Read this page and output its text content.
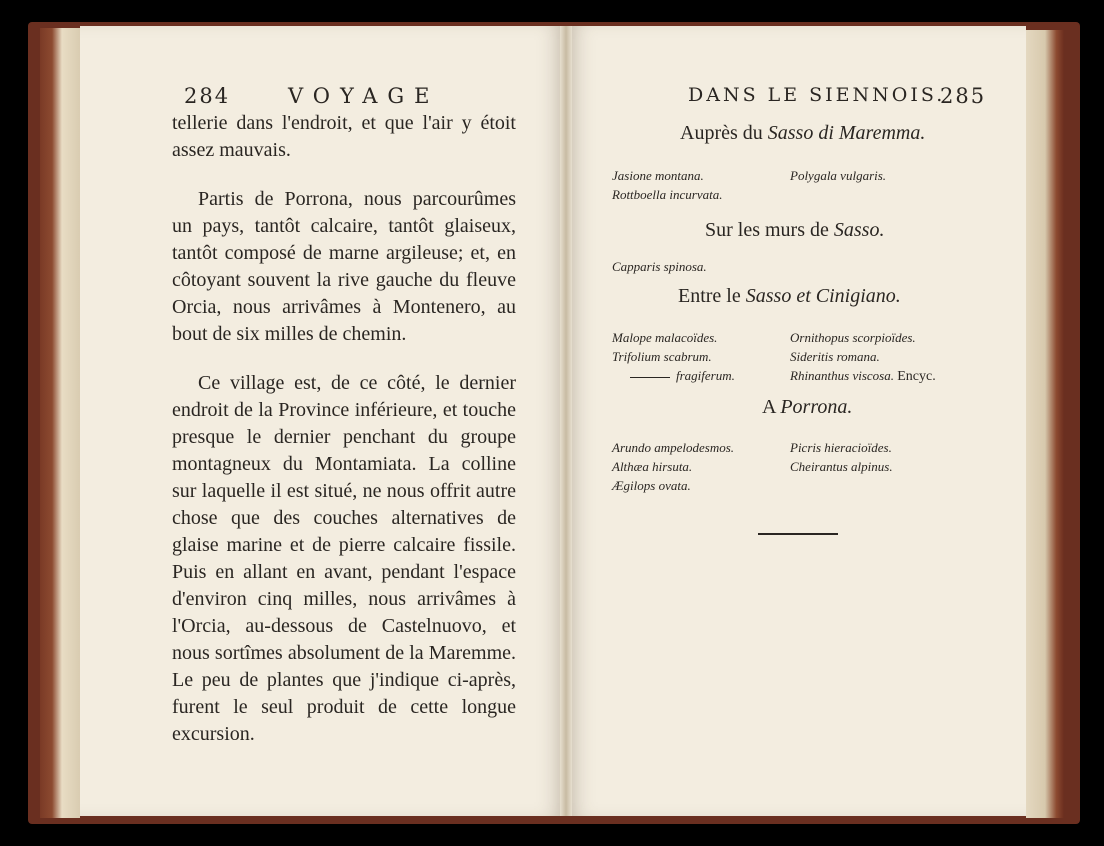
284	VOYAGE

tellerie dans l'endroit, et que l'air y étoit assez mauvais.

Partis de Porrona, nous parcourûmes un pays, tantôt calcaire, tantôt glaiseux, tantôt composé de marne argileuse; et, en côtoyant souvent la rive gauche du fleuve Orcia, nous arrivâmes à Montenero, au bout de six milles de chemin.

Ce village est, de ce côté, le dernier endroit de la Province inférieure, et touche presque le dernier penchant du groupe montagneux du Montamiata. La colline sur laquelle il est situé, ne nous offrit autre chose que des couches alternatives de glaise marine et de pierre calcaire fissile. Puis en allant en avant, pendant l'espace d'environ cinq milles, nous arrivâmes à l'Orcia, au-dessous de Castelnuovo, et nous sortîmes absolument de la Maremme. Le peu de plantes que j'indique ci-après, furent le seul produit de cette longue excursion.

DANS LE SIENNOIS.
285
Auprès du Sasso di Maremma.
Jasione montana.
Rottboella incurvata.
Polygala vulgaris.
Sur les murs de Sasso.
Capparis spinosa.
Entre le Sasso et Cinigiano.
Malope malacoïdes.
Trifolium scabrum.
fragiferum.
Ornithopus scorpioïdes.
Sideritis romana.
Rhinanthus viscosa. Encyc.
A Porrona.
Arundo ampelodesmos.
Althæa hirsuta.
Ægilops ovata.
Picris hieracioïdes.
Cheirantus alpinus.
